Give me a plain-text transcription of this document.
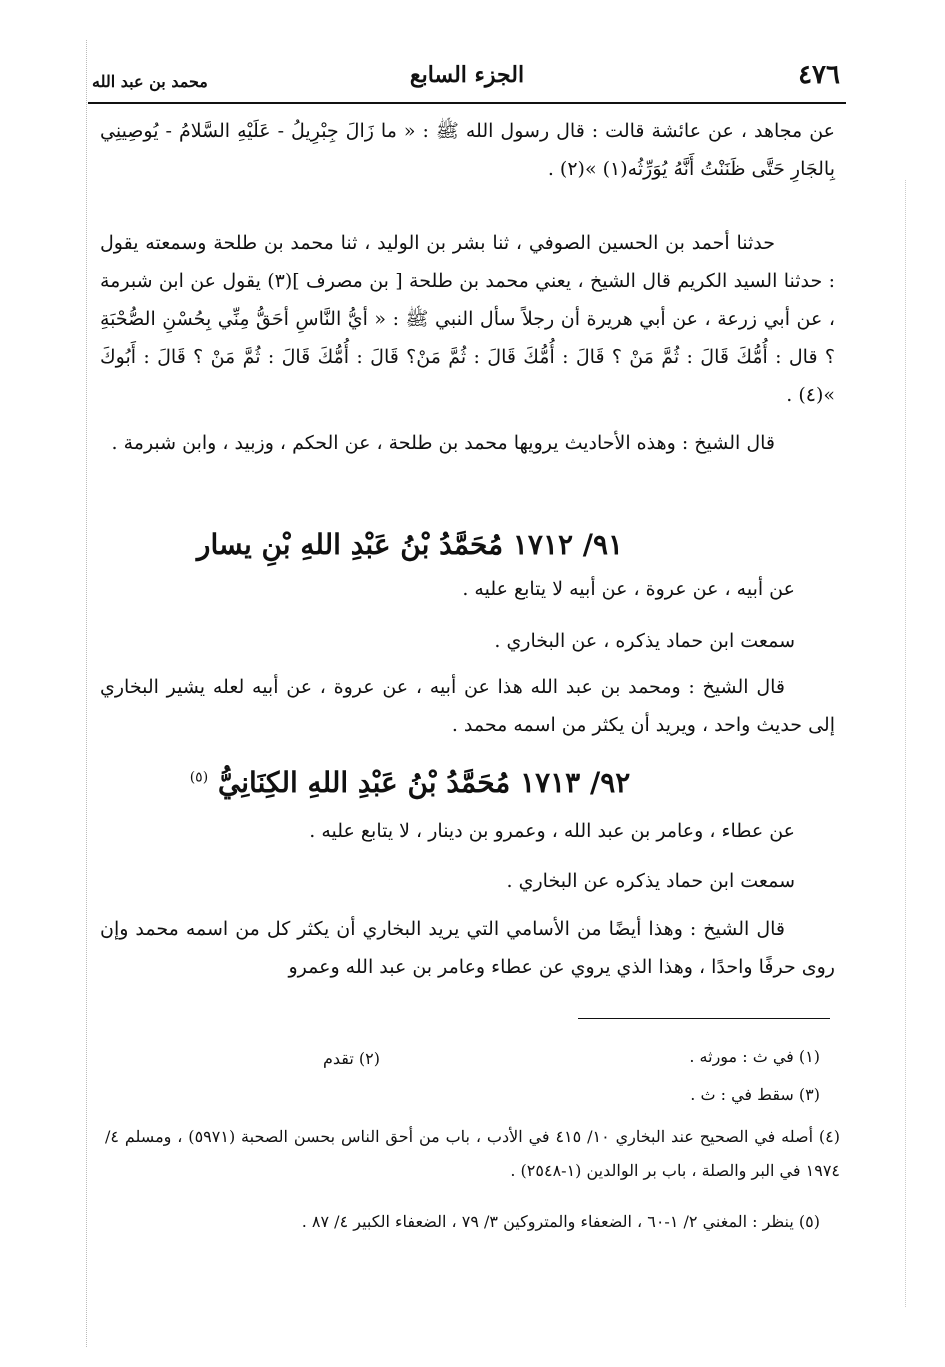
٤٧٦
الجزء السابع
محمد بن عبد الله
عن مجاهد ، عن عائشة قالت : قال رسول الله ﷺ : « ما زَالَ جِبْرِيلُ - عَلَيْهِ السَّلامُ - يُوصِينِي بِالجَارِ حَتَّى ظَنَنْتُ أَنَّهُ يُوَرِّثُه(١) »(٢) .
حدثنا أحمد بن الحسين الصوفي ، ثنا بشر بن الوليد ، ثنا محمد بن طلحة وسمعته يقول : حدثنا السيد الكريم قال الشيخ ، يعني محمد بن طلحة [ بن مصرف ](٣) يقول عن ابن شبرمة ، عن أبي زرعة ، عن أبي هريرة أن رجلاً سأل النبي ﷺ : « أيُّ النَّاسِ أحَقُّ مِنِّي بِحُسْنِ الصُّحْبَةِ ؟ قال : أُمُّكَ قَالَ : ثُمَّ مَنْ ؟ قَالَ : أُمُّكَ قَالَ : ثُمَّ مَنْ؟ قَالَ : أُمُّكَ قَالَ : ثُمَّ مَنْ ؟ قَالَ : أَبُوكَ »(٤) .
قال الشيخ : وهذه الأحاديث يرويها محمد بن طلحة ، عن الحكم ، وزبيد ، وابن شبرمة .
٩١/ ١٧١٢ مُحَمَّدُ بْنُ عَبْدِ اللهِ بْنِ يسار
عن أبيه ، عن عروة ، عن أبيه لا يتابع عليه .
سمعت ابن حماد يذكره ، عن البخاري .
قال الشيخ : ومحمد بن عبد الله هذا عن أبيه ، عن عروة ، عن أبيه لعله يشير البخاري إلى حديث واحد ، ويريد أن يكثر من اسمه محمد .
٩٢/ ١٧١٣ مُحَمَّدُ بْنُ عَبْدِ اللهِ الكِنَانِيُّ $^{(٥)}$
عن عطاء ، وعامر بن عبد الله ، وعمرو بن دينار ، لا يتابع عليه .
سمعت ابن حماد يذكره عن البخاري .
قال الشيخ : وهذا أيضًا من الأسامي التي يريد البخاري أن يكثر كل من اسمه محمد وإن روى حرفًا واحدًا ، وهذا الذي يروي عن عطاء وعامر بن عبد الله وعمرو
(١) في ث : مورثه .
(٢) تقدم
(٣) سقط في : ث .
(٤) أصله في الصحيح عند البخاري ١٠/ ٤١٥ في الأدب ، باب من أحق الناس بحسن الصحبة (٥٩٧١) ، ومسلم ٤/ ١٩٧٤ في البر والصلة ، باب بر الوالدين (١-٢٥٤٨) .
(٥) ينظر : المغني ٢/ ١-٦٠ ، الضعفاء والمتروكين ٣/ ٧٩ ، الضعفاء الكبير ٤/ ٨٧ .
